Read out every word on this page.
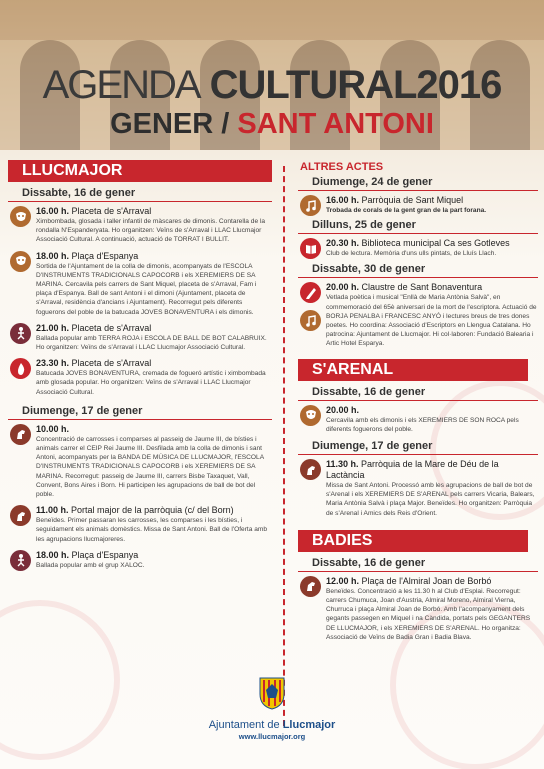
AGENDA CULTURAL2016
GENER / SANT ANTONI
LLUCMAJOR
Dissabte, 16 de gener
16.00 h. Placeta de s'Arraval
Ximbombada, glosada i taller infantil de màscares de dimonis. Contarella de la rondalla N'Espanderyata. Ho organitzen: Veïns de s'Arraval i LLAC Llucmajor Associació Cultural. A continuació, actuació de TORRAT I BULLIT.
18.00 h. Plaça d'Espanya
Sortida de l'Ajuntament de la colla de dimonis, acompanyats de l'ESCOLA D'INSTRUMENTS TRADICIONALS CAPOCORB i els XEREMIERS DE SA MARINA. Cercavila pels carrers de Sant Miquel, placeta de s'Arraval, Fam i plaça d'Espanya. Ball de sant Antoni i el dimoni (Ajuntament, placeta de s'Arraval, residència d'ancians i Ajuntament). Recorregut pels diferents foguerons del poble de la batucada JOVES BONAVENTURA i els dimonis.
21.00 h. Placeta de s'Arraval
Ballada popular amb TERRA ROJA i ESCOLA DE BALL DE BOT CALABRUIX. Ho organitzen: Veïns de s'Arraval i LLAC Llucmajor Associació Cultural.
23.30 h. Placeta de s'Arraval
Batucada JOVES BONAVENTURA, cremada de fogueró artístic i ximbombada amb glosada popular. Ho organitzen: Veïns de s'Arraval i LLAC Llucmajor Associació Cultural.
Diumenge, 17 de gener
10.00 h.
Concentració de carrosses i comparses al passeig de Jaume III, de bísties i animals carrer el CEIP Rei Jaume III. Desfilada amb la colla de dimonis i sant Antoni, acompanyats per la BANDA DE MÚSICA DE LLUCMAJOR, l'ESCOLA D'INSTRUMENTS TRADICIONALS CAPOCORB i els XEREMIERS DE SA MARINA. Recorregut: passeig de Jaume III, carrers Bisbe Taxaquet, Vall, Convent, Bons Aires i Born. Hi participen les agrupacions de ball de bot del poble.
11.00 h. Portal major de la parròquia (c/ del Born)
Beneïdes. Primer passaran les carrosses, les comparses i les bísties, i seguidament els animals domèstics. Missa de Sant Antoni. Ball de l'Oferta amb les agrupacions llucmajoreres.
18.00 h. Plaça d'Espanya
Ballada popular amb el grup XALOC.
ALTRES ACTES
Diumenge, 24 de gener
16.00 h. Parròquia de Sant Miquel
Trobada de corals de la gent gran de la part forana.
Dilluns, 25 de gener
20.30 h. Biblioteca municipal Ca ses Gotleves
Club de lectura. Memòria d'uns ulls pintats, de Lluís Llach.
Dissabte, 30 de gener
20.00 h. Claustre de Sant Bonaventura
Vetlada poètica i musical "Enllà de Maria Antònia Salvà", en commemoració del 65è aniversari de la mort de l'escriptora. Actuació de BORJA PENALBA i FRANCESC ANYÓ i lectures breus de tres dones poetes. Ho coordina: Associació d'Escriptors en Llengua Catalana. Ho patrocina: Ajuntament de Llucmajor. Hi col·laboren: Fundació Balearia i Artic Hotel Esparya.
S'ARENAL
Dissabte, 16 de gener
20.00 h.
Cercavila amb els dimonis i els XEREMIERS DE SON ROCA pels diferents foguerons del poble.
Diumenge, 17 de gener
11.30 h. Parròquia de la Mare de Déu de la Lactància
Missa de Sant Antoni. Processó amb les agrupacions de ball de bot de s'Arenal i els XEREMIERS DE S'ARENAL pels carrers Vicaria, Balears, Maria Antònia Salvà i plaça Major. Beneïdes. Ho organitzen: Parròquia de s'Arenal i Amics dels Reis d'Orient.
BADIES
Dissabte, 16 de gener
12.00 h. Plaça de l'Almiral Joan de Borbó
Beneïdes. Concentració a les 11.30 h al Club d'Esplai. Recorregut: carrers Chumuca, Joan d'Austria, Almiral Moreno, Almiral Vierna, Churruca i plaça Almiral Joan de Borbó. Amb l'acompanyament dels gegants passegen en Miquel i na Càndida, portats pels GEGANTERS DE LLUCMAJOR, i els XEREMIERS DE S'ARENAL. Ho organitza: Associació de Veïns de Badia Gran i Badia Blava.
Ajuntament de Llucmajor
www.llucmajor.org
